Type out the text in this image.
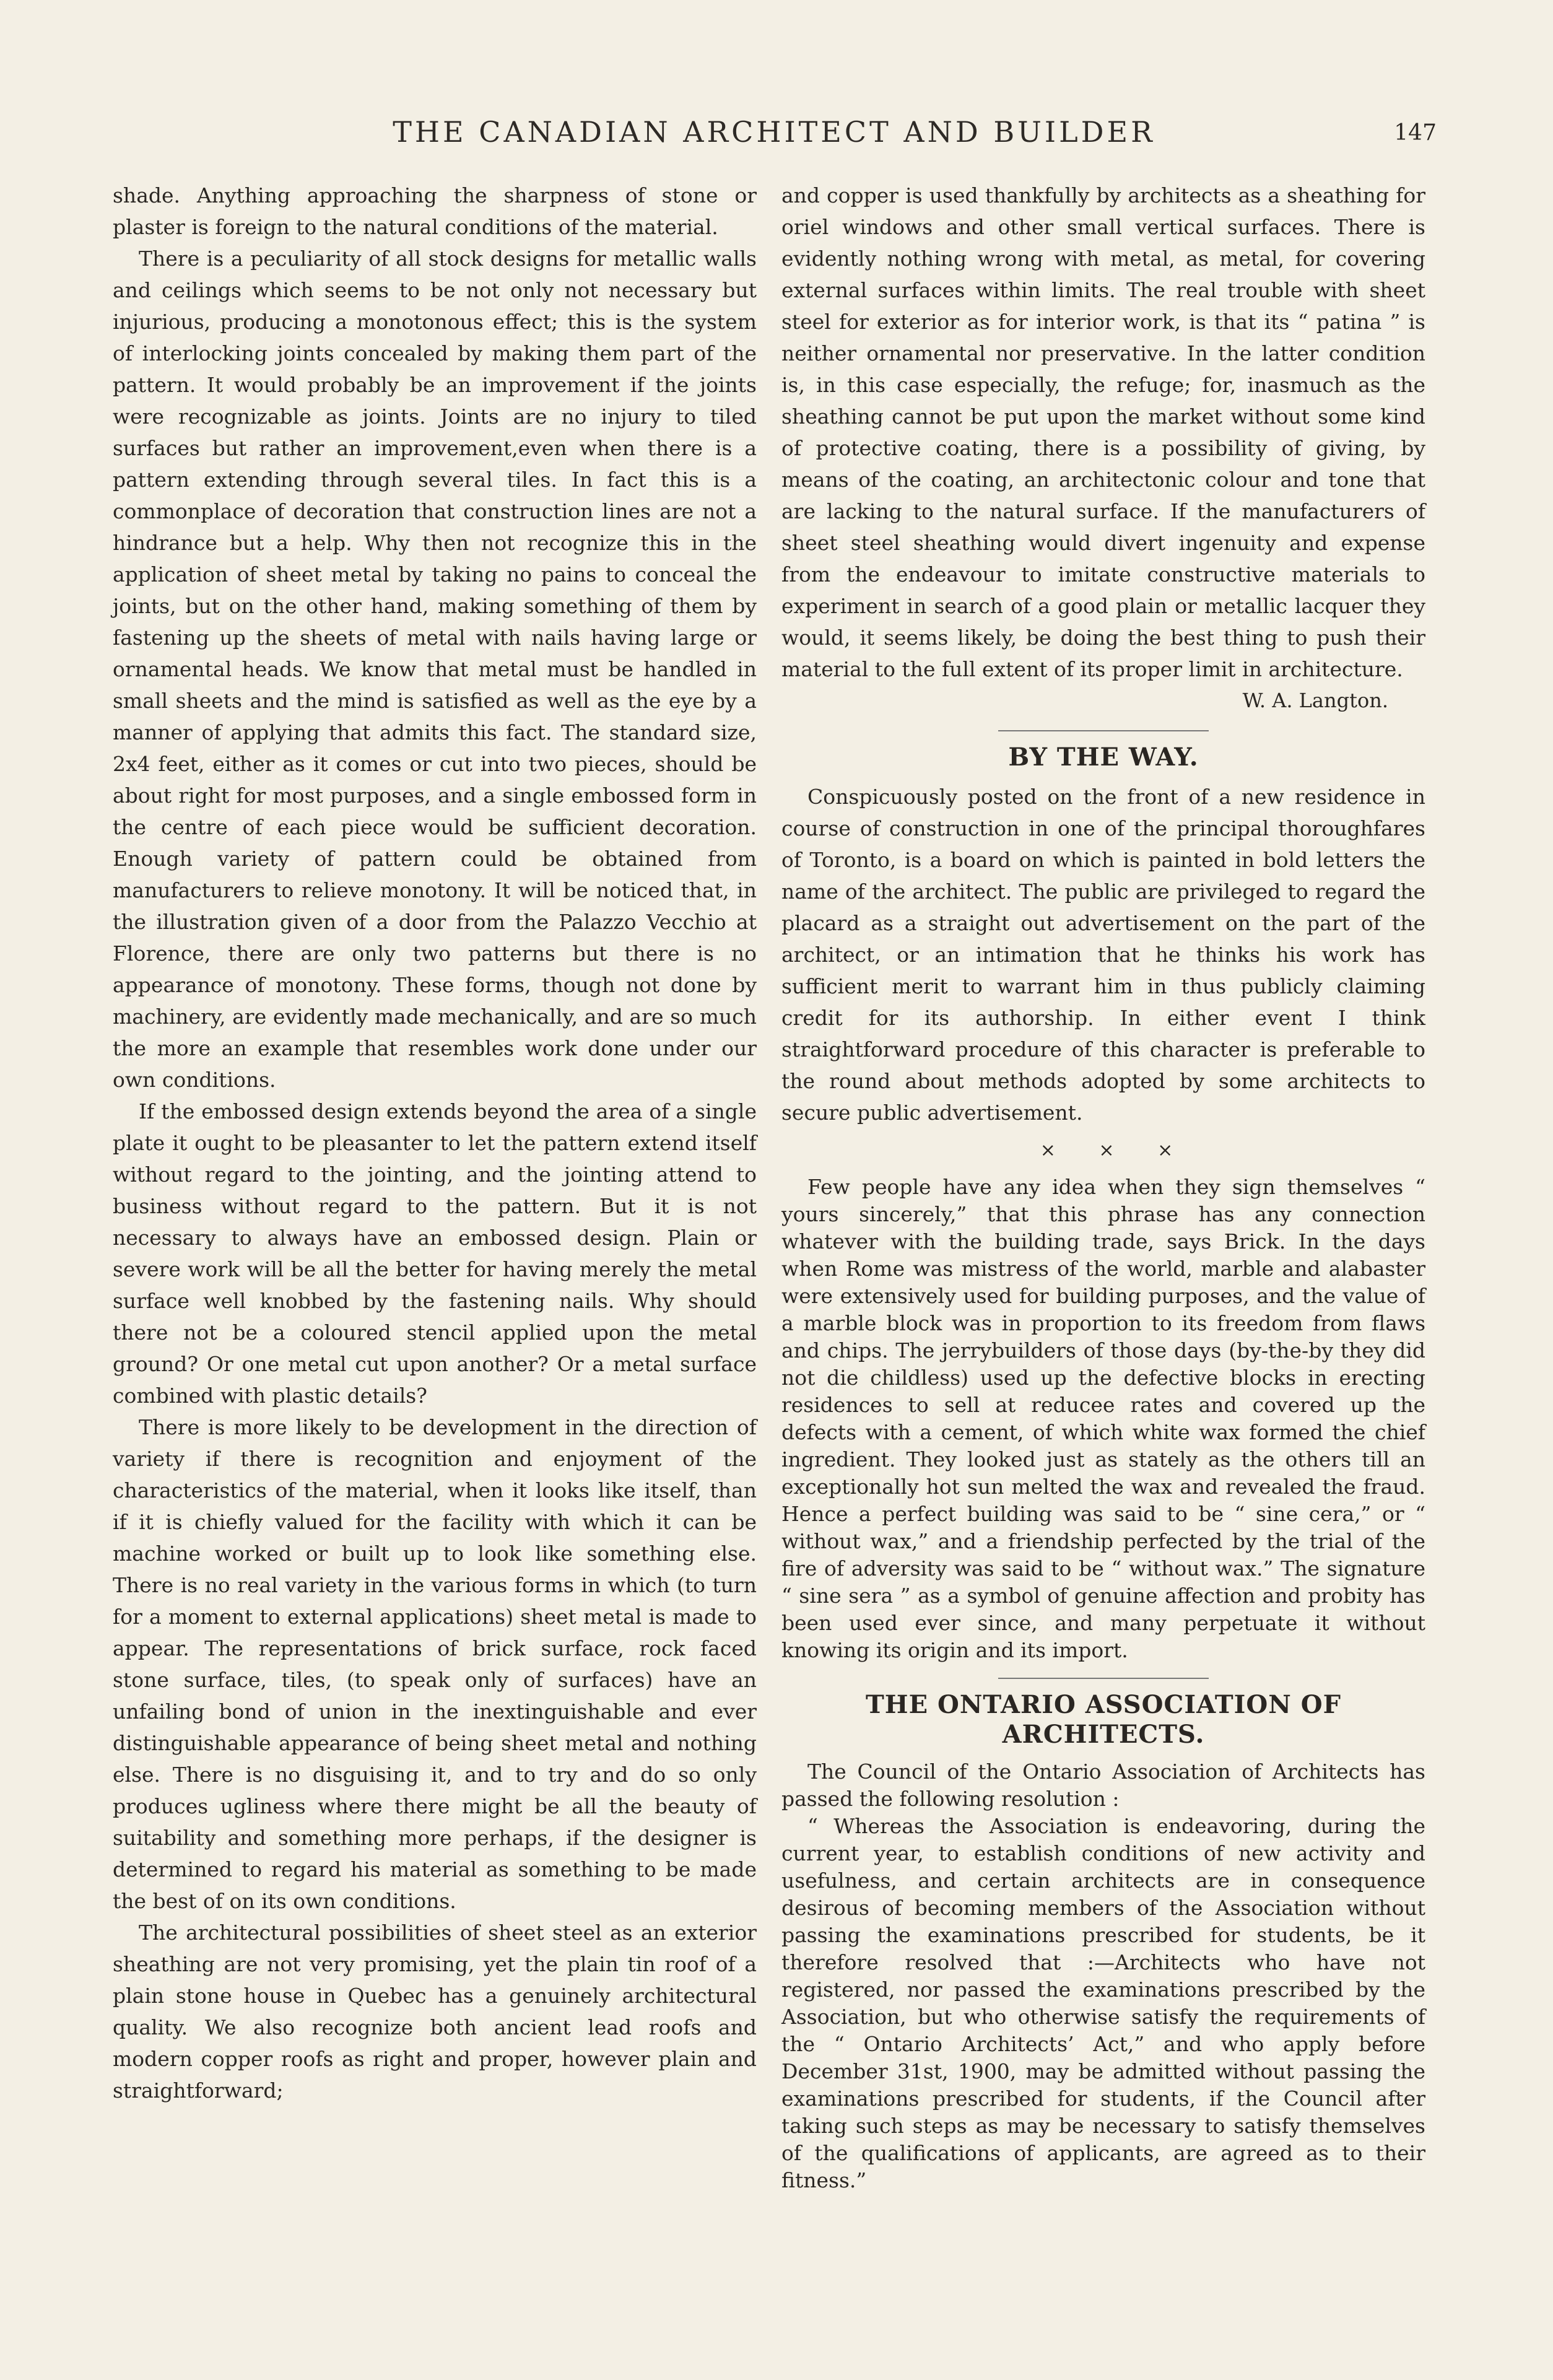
THE CANADIAN ARCHITECT AND BUILDER	147

shade. Anything approaching the sharpness of stone or plaster is foreign to the natural conditions of the material.

There is a peculiarity of all stock designs for metallic walls and ceilings which seems to be not only not necessary but injurious, producing a monotonous effect; this is the system of interlocking joints concealed by making them part of the pattern. It would probably be an improvement if the joints were recognizable as joints. Joints are no injury to tiled surfaces but rather an improvement,even when there is a pattern extending through several tiles. In fact this is a commonplace of decoration that construction lines are not a hindrance but a help. Why then not recognize this in the application of sheet metal by taking no pains to conceal the joints, but on the other hand, making something of them by fastening up the sheets of metal with nails having large or ornamental heads. We know that metal must be handled in small sheets and the mind is satisfied as well as the eye by a manner of applying that admits this fact. The standard size, 2x4 feet, either as it comes or cut into two pieces, should be about right for most purposes, and a single embossed form in the centre of each piece would be sufficient decoration. Enough variety of pattern could be obtained from manufacturers to relieve monotony. It will be noticed that, in the illustration given of a door from the Palazzo Vecchio at Florence, there are only two patterns but there is no appearance of monotony. These forms, though not done by machinery, are evidently made mechanically, and are so much the more an example that resembles work done under our own conditions.

If the embossed design extends beyond the area of a single plate it ought to be pleasanter to let the pattern extend itself without regard to the jointing, and the jointing attend to business without regard to the pattern. But it is not necessary to always have an embossed design. Plain or severe work will be all the better for having merely the metal surface well knobbed by the fastening nails. Why should there not be a coloured stencil applied upon the metal ground? Or one metal cut upon another? Or a metal surface combined with plastic details?

There is more likely to be development in the direction of variety if there is recognition and enjoyment of the characteristics of the material, when it looks like itself, than if it is chiefly valued for the facility with which it can be machine worked or built up to look like something else. There is no real variety in the various forms in which (to turn for a moment to external applications) sheet metal is made to appear. The representations of brick surface, rock faced stone surface, tiles, (to speak only of surfaces) have an unfailing bond of union in the inextinguishable and ever distinguishable appearance of being sheet metal and nothing else. There is no disguising it, and to try and do so only produces ugliness where there might be all the beauty of suitability and something more perhaps, if the designer is determined to regard his material as something to be made the best of on its own conditions.

The architectural possibilities of sheet steel as an exterior sheathing are not very promising, yet the plain tin roof of a plain stone house in Quebec has a genuinely architectural quality. We also recognize both ancient lead roofs and modern copper roofs as right and proper, however plain and straightforward;

and copper is used thankfully by architects as a sheathing for oriel windows and other small vertical surfaces. There is evidently nothing wrong with metal, as metal, for covering external surfaces within limits. The real trouble with sheet steel for exterior as for interior work, is that its “ patina ” is neither ornamental nor preservative. In the latter condition is, in this case especially, the refuge; for, inasmuch as the sheathing cannot be put upon the market without some kind of protective coating, there is a possibility of giving, by means of the coating, an architectonic colour and tone that are lacking to the natural surface. If the manufacturers of sheet steel sheathing would divert ingenuity and expense from the endeavour to imitate constructive materials to experiment in search of a good plain or metallic lacquer they would, it seems likely, be doing the best thing to push their material to the full extent of its proper limit in architecture.

W. A. Langton.

BY THE WAY.

Conspicuously posted on the front of a new residence in course of construction in one of the principal thoroughfares of Toronto, is a board on which is painted in bold letters the name of the architect. The public are privileged to regard the placard as a straight out advertisement on the part of the architect, or an intimation that he thinks his work has sufficient merit to warrant him in thus publicly claiming credit for its authorship. In either event I think straightforward procedure of this character is preferable to the round about methods adopted by some architects to secure public advertisement.

× × ×

Few people have any idea when they sign themselves “ yours sincerely,” that this phrase has any connection whatever with the building trade, says Brick. In the days when Rome was mistress of the world, marble and alabaster were extensively used for building purposes, and the value of a marble block was in proportion to its freedom from flaws and chips. The jerrybuilders of those days (by-the-by they did not die childless) used up the defective blocks in erecting residences to sell at reducee rates and covered up the defects with a cement, of which white wax formed the chief ingredient. They looked just as stately as the others till an exceptionally hot sun melted the wax and revealed the fraud. Hence a perfect building was said to be “ sine cera,” or “ without wax,” and a friendship perfected by the trial of the fire of adversity was said to be “ without wax.” The signature “ sine sera ” as a symbol of genuine affection and probity has been used ever since, and many perpetuate it without knowing its origin and its import.

THE ONTARIO ASSOCIATION OF ARCHITECTS.

The Council of the Ontario Association of Architects has passed the following resolution :

“ Whereas the Association is endeavoring, during the current year, to establish conditions of new activity and usefulness, and certain architects are in consequence desirous of becoming members of the Association without passing the examinations prescribed for students, be it therefore resolved that :—Architects who have not registered, nor passed the examinations prescribed by the Association, but who otherwise satisfy the requirements of the “ Ontario Architects’ Act,” and who apply before December 31st, 1900, may be admitted without passing the examinations prescribed for students, if the Council after taking such steps as may be necessary to satisfy themselves of the qualifications of applicants, are agreed as to their fitness.”
